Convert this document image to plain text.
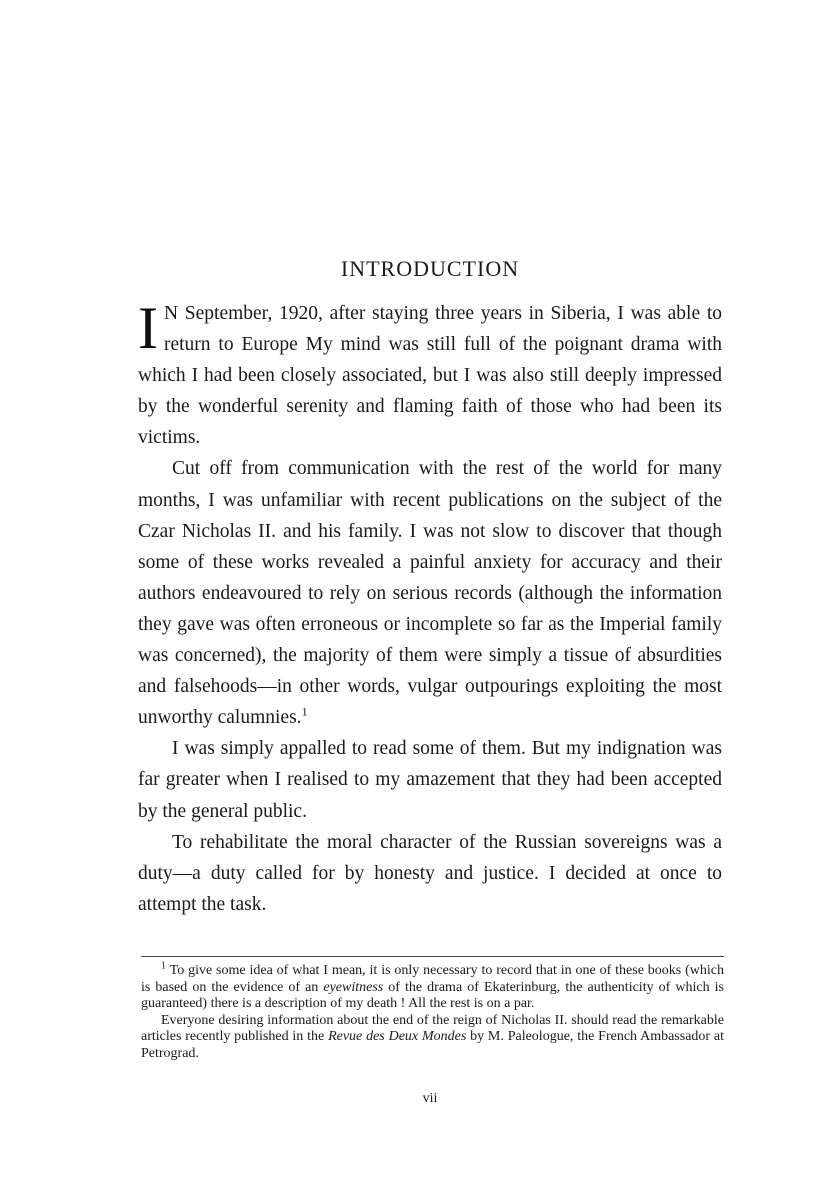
INTRODUCTION

I N September, 1920, after staying three years in Siberia, I was able to return to Europe My mind was still full of the poignant drama with which I had been closely associated, but I was also still deeply impressed by the wonderful serenity and flaming faith of those who had been its victims.

Cut off from communication with the rest of the world for many months, I was unfamiliar with recent publications on the subject of the Czar Nicholas II. and his family. I was not slow to discover that though some of these works revealed a painful anxiety for accuracy and their authors endeavoured to rely on serious records (although the information they gave was often erroneous or incomplete so far as the Imperial family was concerned), the majority of them were simply a tissue of absurdities and falsehoods—in other words, vulgar outpourings exploiting the most unworthy calumnies.$^1$

I was simply appalled to read some of them. But my indignation was far greater when I realised to my amazement that they had been accepted by the general public.

To rehabilitate the moral character of the Russian sovereigns was a duty—a duty called for by honesty and justice. I decided at once to attempt the task.

$^1$ To give some idea of what I mean, it is only necessary to record that in one of these books (which is based on the evidence of an eyewitness of the drama of Ekaterinburg, the authenticity of which is guaranteed) there is a description of my death ! All the rest is on a par.

Everyone desiring information about the end of the reign of Nicholas II. should read the remarkable articles recently published in the Revue des Deux Mondes by M. Paleologue, the French Ambassador at Petrograd.

vii
